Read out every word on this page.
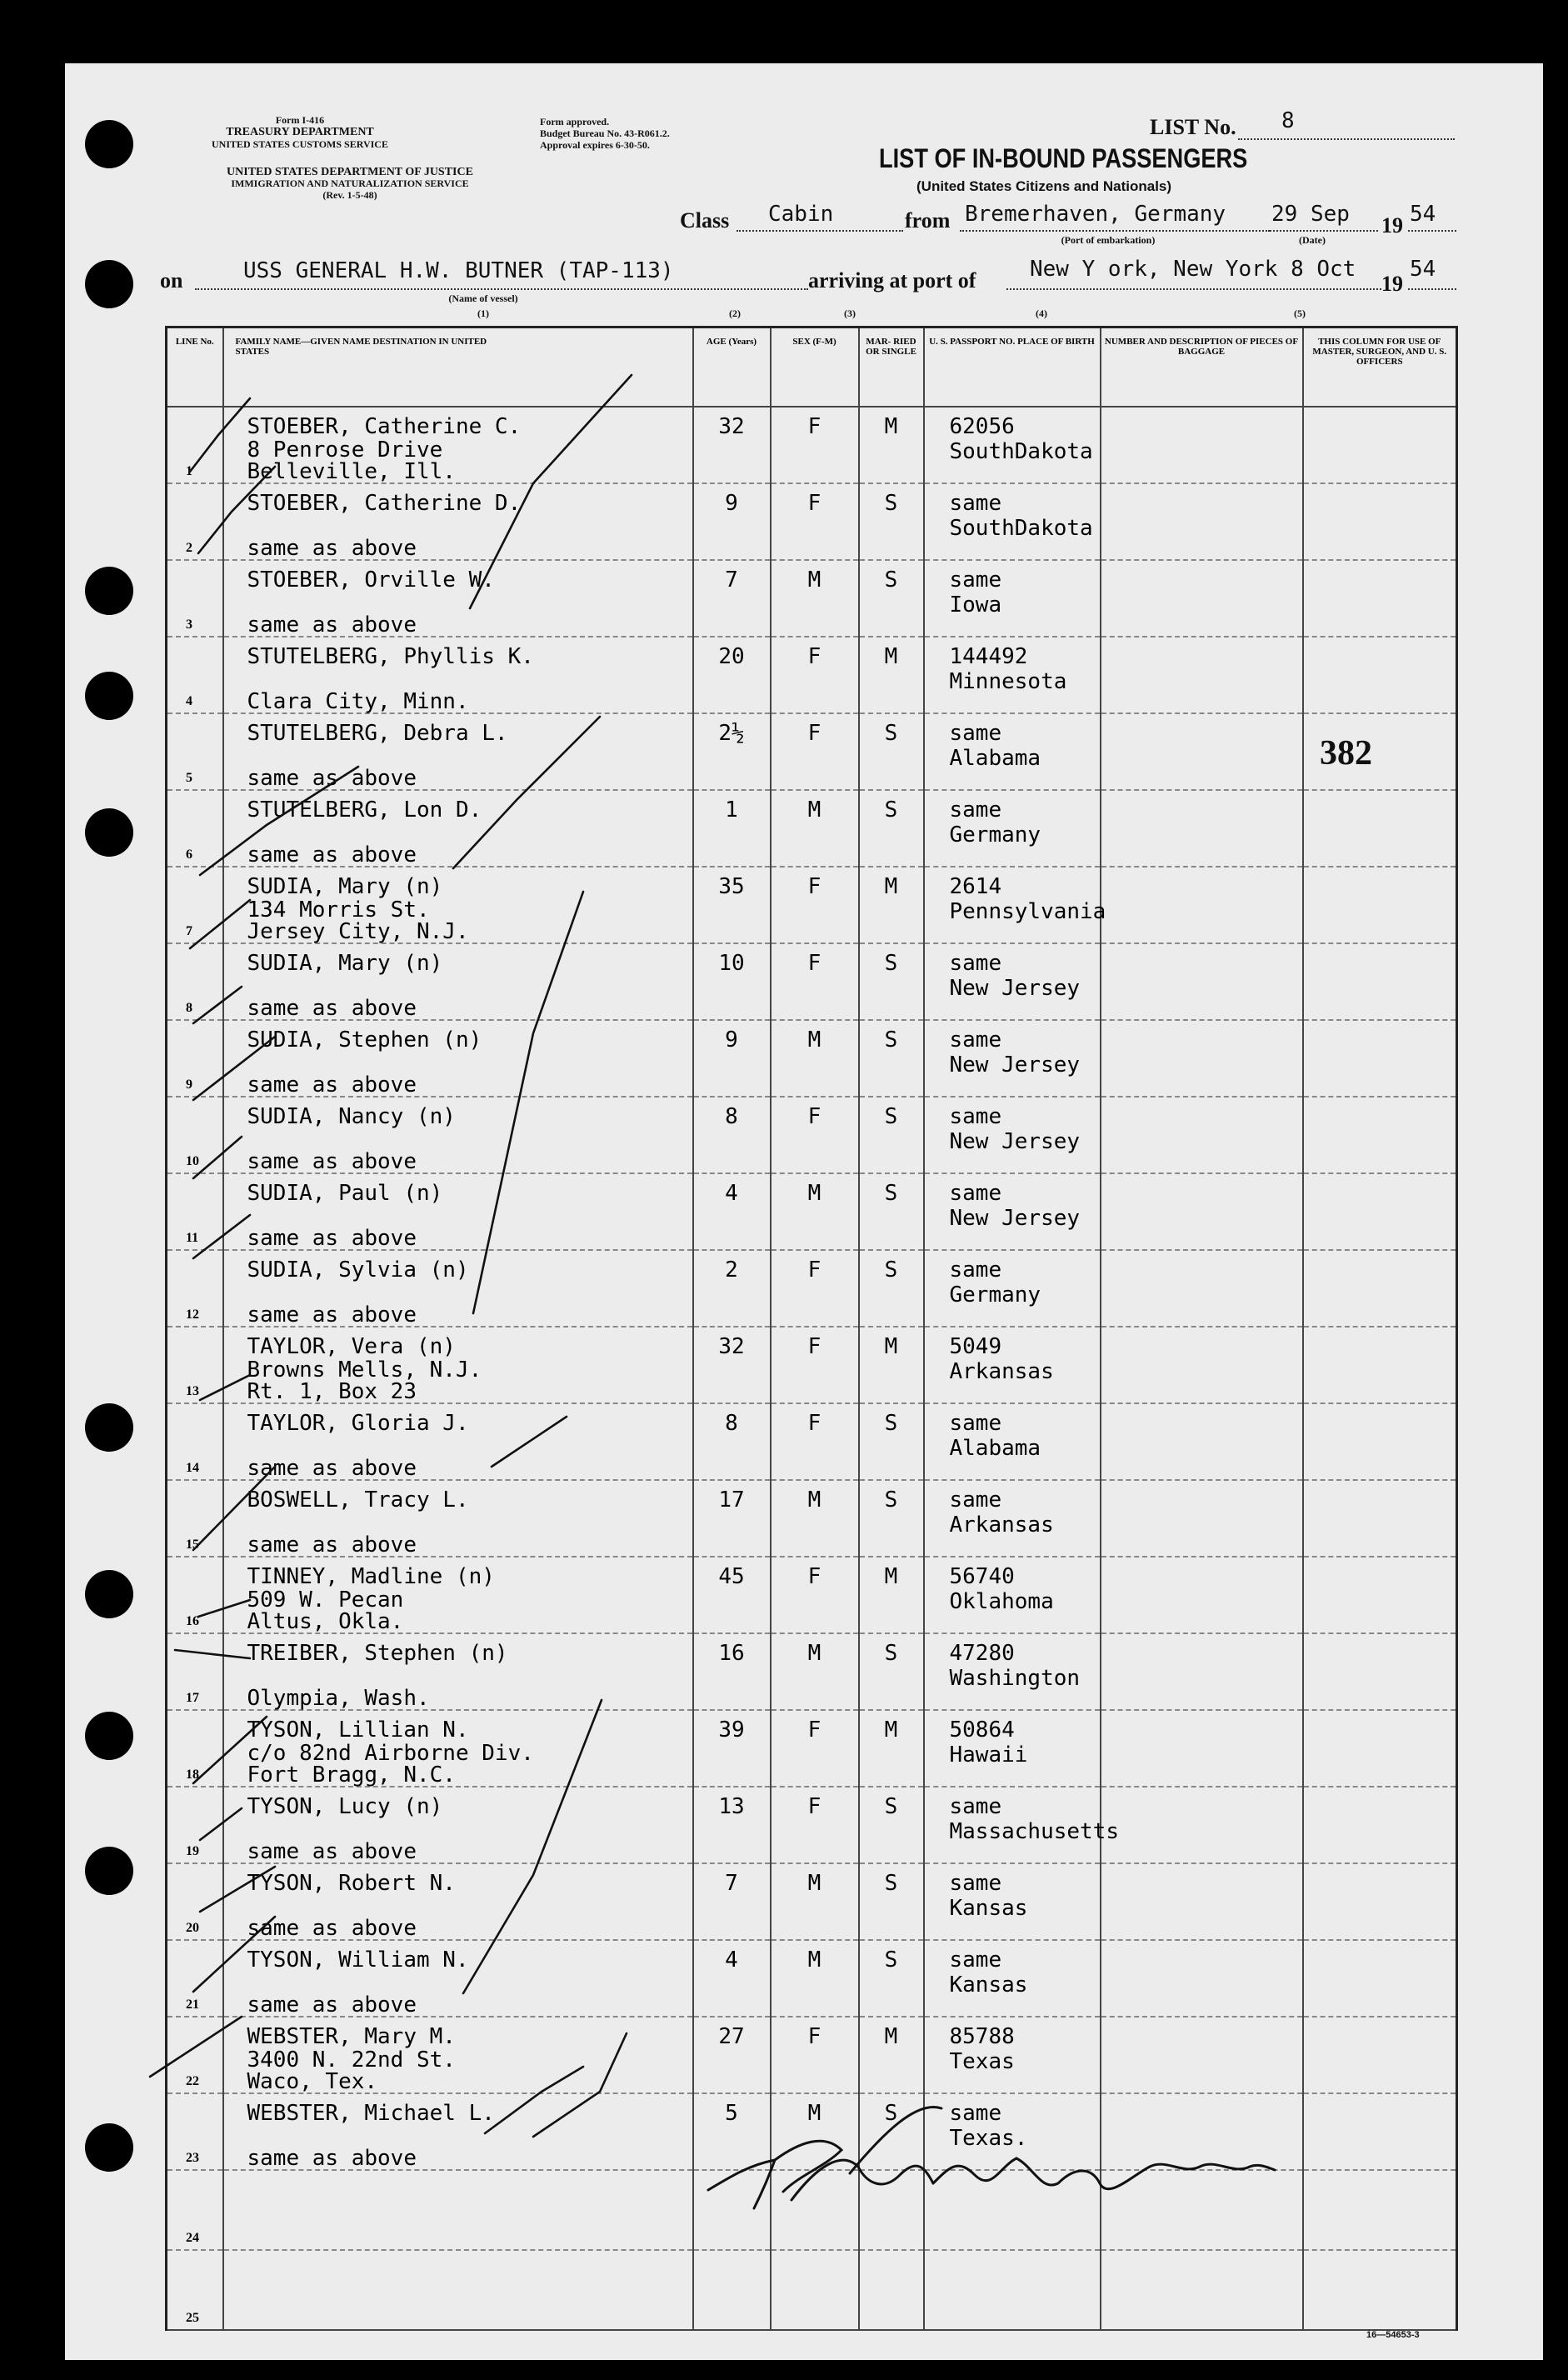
Form I-416
TREASURY DEPARTMENT
UNITED STATES CUSTOMS SERVICE
UNITED STATES DEPARTMENT OF JUSTICE
IMMIGRATION AND NATURALIZATION SERVICE
(Rev. 1-5-48)
Form approved.
Budget Bureau No. 43-R061.2.
Approval expires 6-30-50.
LIST No. 8
LIST OF IN-BOUND PASSENGERS
(United States Citizens and Nationals)
Class Cabin	from Bremerhaven, Germany
(Port of embarkation)
29 Sep
(Date)
19 54
on	USS GENERAL H.W. BUTNER (TAP-113)
(Name of vessel)
(1)
arriving at port of New Y ork, New York 8 Oct
19
54
(2)	(3)	(4)	(5)
LINE No.	FAMILY NAME—GIVEN NAME DESTINATION IN UNITED STATES	AGE (Years)	SEX (F-M)	MAR- RIED OR SINGLE	U. S. PASSPORT NO. PLACE OF BIRTH	NUMBER AND DESCRIPTION OF PIECES OF BAGGAGE	THIS COLUMN FOR USE OF MASTER, SURGEON, AND U. S. OFFICERS

1	STOEBER, Catherine C.
8 Penrose Drive
Belleville, Ill.	32	F	M	62056
SouthDakota		

2	STOEBER, Catherine D.
same as above	9	F	S	same
SouthDakota		

3	STOEBER, Orville W.
same as above	7	M	S	same
Iowa		

4	STUTELBERG, Phyllis K.
Clara City, Minn.	20	F	M	144492
Minnesota		

5	STUTELBERG, Debra L.
same as above	2½	F	S	same
Alabama		

6	STUTELBERG, Lon D.
same as above	1	M	S	same
Germany		

7	SUDIA, Mary (n)
134 Morris St.
Jersey City, N.J.	35	F	M	2614
Pennsylvania		

8	SUDIA, Mary (n)
same as above	10	F	S	same
New Jersey		

9	SUDIA, Stephen (n)
same as above	9	M	S	same
New Jersey		

10	SUDIA, Nancy (n)
same as above	8	F	S	same
New Jersey		

11	SUDIA, Paul (n)
same as above	4	M	S	same
New Jersey		

12	SUDIA, Sylvia (n)
same as above	2	F	S	same
Germany		

13	TAYLOR, Vera (n)
Browns Mells, N.J.
Rt. 1, Box 23	32	F	M	5049
Arkansas		

14	TAYLOR, Gloria J.
same as above	8	F	S	same
Alabama		

15	BOSWELL, Tracy L.
same as above	17	M	S	same
Arkansas		

16	TINNEY, Madline (n)
509 W. Pecan
Altus, Okla.	45	F	M	56740
Oklahoma		

17	TREIBER, Stephen (n)
Olympia, Wash.	16	M	S	47280
Washington		

18	TYSON, Lillian N.
c/o 82nd Airborne Div.
Fort Bragg, N.C.	39	F	M	50864
Hawaii		

19	TYSON, Lucy (n)
same as above	13	F	S	same
Massachusetts		

20	TYSON, Robert N.
same as above	7	M	S	same
Kansas		

21	TYSON, William N.
same as above	4	M	S	same
Kansas		

22	WEBSTER, Mary M.
3400 N. 22nd St.
Waco, Tex.	27	F	M	85788
Texas		

23	WEBSTER, Michael L.
same as above	5	M	S	same
Texas.		

24							

25							

382
16—54653-3
